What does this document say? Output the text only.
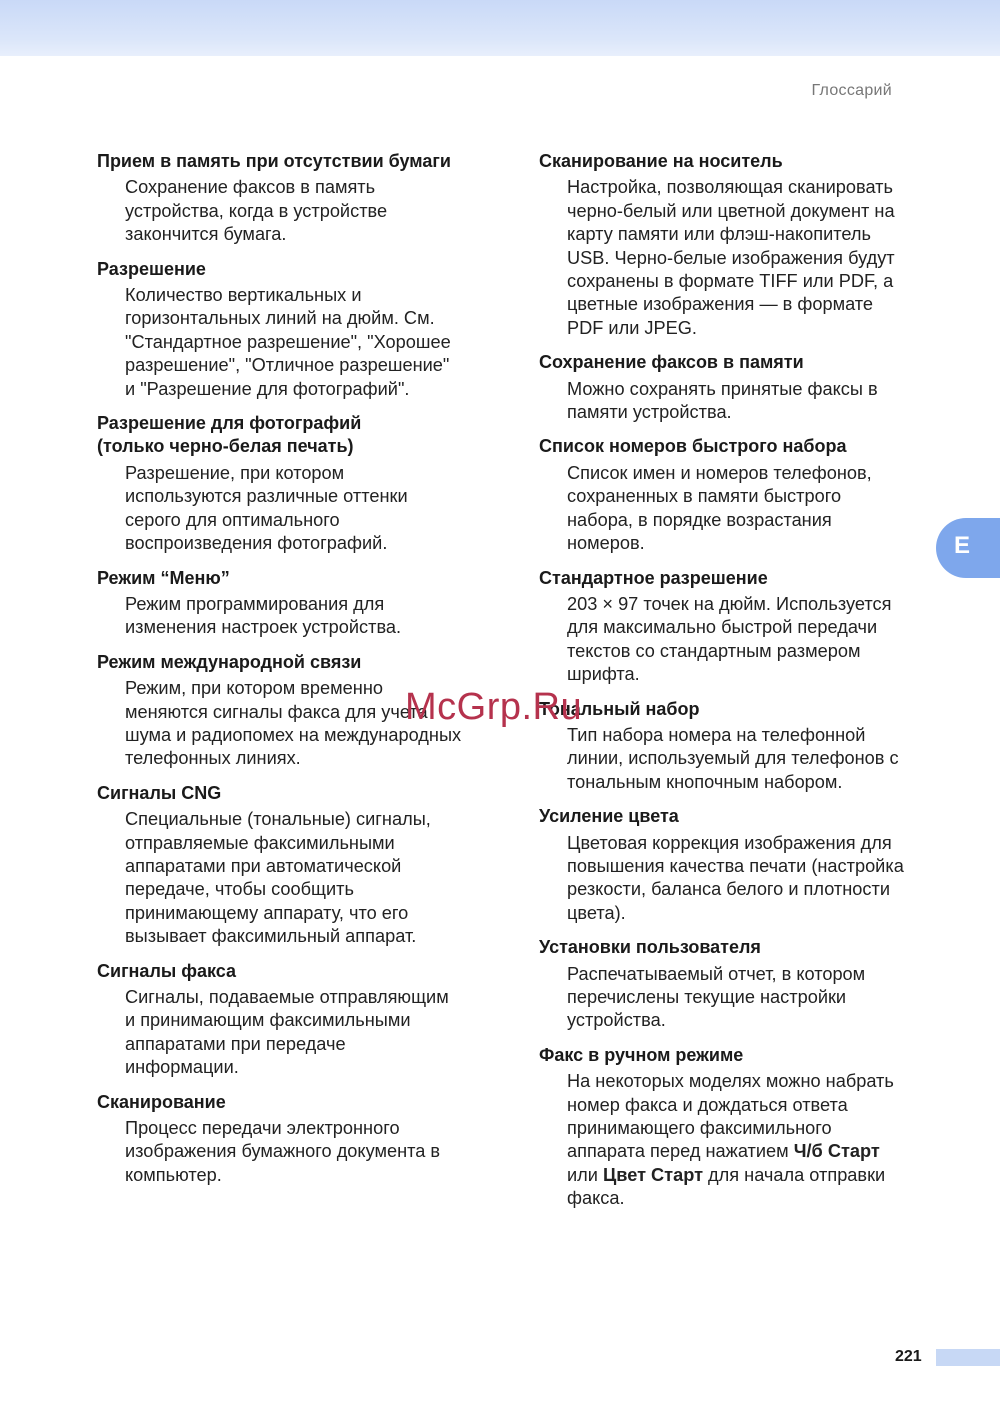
Глоссарий
E
Прием в память при отсутствии бумаги
Сохранение факсов в память
устройства, когда в устройстве
закончится бумага.
Разрешение
Количество вертикальных и
горизонтальных линий на дюйм. См.
"Стандартное разрешение", "Хорошее
разрешение", "Отличное разрешение"
и "Разрешение для фотографий".
Разрешение для фотографий
(только черно-белая печать)
Разрешение, при котором
используются различные оттенки
серого для оптимального
воспроизведения фотографий.
Режим “Меню”
Режим программирования для
изменения настроек устройства.
Режим международной связи
Режим, при котором временно
меняются сигналы факса для учета
шума и радиопомех на международных
телефонных линиях.
Сигналы CNG
Специальные (тональные) сигналы,
отправляемые факсимильными
аппаратами при автоматической
передаче, чтобы сообщить
принимающему аппарату, что его
вызывает факсимильный аппарат.
Сигналы факса
Сигналы, подаваемые отправляющим
и принимающим факсимильными
аппаратами при передаче
информации.
Сканирование
Процесс передачи электронного
изображения бумажного документа в
компьютер.
Сканирование на носитель
Настройка, позволяющая сканировать
черно-белый или цветной документ на
карту памяти или флэш-накопитель
USB. Черно-белые изображения будут
сохранены в формате TIFF или PDF, а
цветные изображения — в формате
PDF или JPEG.
Сохранение факсов в памяти
Можно сохранять принятые факсы в
памяти устройства.
Список номеров быстрого набора
Список имен и номеров телефонов,
сохраненных в памяти быстрого
набора, в порядке возрастания
номеров.
Стандартное разрешение
203 × 97 точек на дюйм. Используется
для максимально быстрой передачи
текстов со стандартным размером
шрифта.
Тональный набор
Тип набора номера на телефонной
линии, используемый для телефонов с
тональным кнопочным набором.
Усиление цвета
Цветовая коррекция изображения для
повышения качества печати (настройка
резкости, баланса белого и плотности
цвета).
Установки пользователя
Распечатываемый отчет, в котором
перечислены текущие настройки
устройства.
Факс в ручном режиме
На некоторых моделях можно набрать
номер факса и дождаться ответа
принимающего факсимильного
аппарата перед нажатием Ч/б Старт
или Цвет Старт для начала отправки
факса.
McGrp.Ru
221
